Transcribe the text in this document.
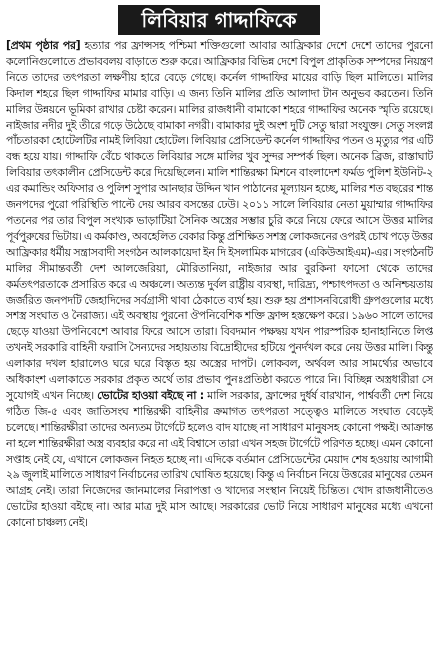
লিবিয়ার গাদ্দাফিকে
[প্রথম পৃষ্ঠার পর] হত্যার পর ফ্রান্সসহ পশ্চিমা শক্তিগুলো আবার আফ্রিকার দেশে দেশে তাদের পুরনো কলোনিগুলোতে প্রভাববলয় বাড়াতে শুরু করে। আফ্রিকার বিভিন্ন দেশে বিপুল প্রাকৃতিক সম্পদের নিয়ন্ত্রণ নিতে তাদের তৎপরতা লক্ষণীয় হারে বেড়ে গেছে। কর্নেল গাদ্দাফির মায়ের বাড়ি ছিল মালিতে। মালির কিদাল শহরে ছিল গাদ্দাফির মামার বাড়ি। এ জন্য তিনি মালির প্রতি আলাদা টান অনুভব করতেন। তিনি মালির উন্নয়নে ভূমিকা রাখার চেষ্টা করেন। মালির রাজধানী বামাকো শহরে গাদ্দাফির অনেক স্মৃতি রয়েছে। নাইজার নদীর দুই তীরে গড়ে উঠেছে বামাকা নগরী। বামাকার দুই অংশ দুটি সেতু দ্বারা সংযুক্ত। সেতু সংলগ্ন পাঁচতারকা হোটেলটির নামই লিবিয়া হোটেল। লিবিয়ার প্রেসিডেন্ট কর্নেল গাদ্দাফির পতন ও মৃত্যুর পর এটি বন্ধ হয়ে যায়। গাদ্দাফি বেঁচে থাকতে লিবিয়ার সঙ্গে মালির খুব সুন্দর সম্পর্ক ছিল। অনেক ব্রিজ, রাস্তাঘাট লিবিয়ার তৎকালীন প্রেসিডেন্ট করে দিয়েছিলেন। মালি শান্তিরক্ষা মিশনে বাংলাদেশ ফর্মড পুলিশ ইউনিট-২ এর কমান্ডিং অফিসার ও পুলিশ সুপার আনছার উদ্দিন খান পাঠানের মূল্যায়ন হচ্ছে, মালির শত বছরের শান্ত জনপদের পুরো পরিস্থিতি পাল্টে দেয় আরব বসন্তের ঢেউ। ২০১১ সালে লিবিয়ার নেতা মুয়াম্মার গাদ্দাফির পতনের পর তার বিপুল সংখ্যক ভাড়াটিয়া সৈনিক অস্ত্রের সম্ভার চুরি করে নিয়ে ফেরে আসে উত্তর মালির পূর্বপুরুষের ভিটায়। এ কর্মকাণ্ড, অবহেলিত বেকার কিন্তু প্রশিক্ষিত সশস্ত্র লোকজনের ওপরই চোখ পড়ে উত্তর আফ্রিকার ধর্মীয় সন্ত্রাসবাদী সংগঠন আলকায়েদা ইন দি ইসলামিক মাগরেব (একিউআইএম)-এর। সংগঠনটি মালির সীমান্তবর্তী দেশ আলজেরিয়া, মৌরিতানিয়া, নাইজার আর বুরকিনা ফাসো থেকে তাদের কর্মতৎপরতাকে প্রসারিত করে এ অঞ্চলে। অত্যন্ত দুর্বল রাষ্ট্রীয় ব্যবস্থা, দারিদ্র্য, পশ্চাৎপদতা ও অনিশ্চয়তায় জর্জরিত জনপদটি জেহাদিদের সর্বগ্রাসী থাবা ঠেকাতে ব্যর্থ হয়। শুরু হয় প্রশাসনবিরোধী গ্রুপগুলোর মধ্যে সশস্ত্র সংঘাত ও নৈরাজ্য। এই অবস্থায় পুরনো ঔপনিবেশিক শক্তি ফ্রান্স হস্তক্ষেপ করে। ১৯৬০ সালে তাদের ছেড়ে যাওয়া উপনিবেশে আবার ফিরে আসে তারা। বিবদমান পক্ষদ্বয় যখন পারস্পরিক হানাহানিতে লিপ্ত তখনই সরকারি বাহিনী ফরাসি সৈন্যদের সহায়তায় বিদ্রোহীদের হটিয়ে পুনর্দখল করে নেয় উত্তর মালি। কিন্তু এলাকার দখল হারালেও ঘরে ঘরে বিস্তৃত হয় অস্ত্রের দাপট। লোকবল, অর্থবল আর সামর্থ্যের অভাবে অধিকাংশ এলাকাতে সরকার প্রকৃত অর্থে তার প্রভাব পুনঃপ্রতিষ্ঠা করতে পারে নি। বিচ্ছিন্ন অস্ত্রধারীরা সে সুযোগই এখন নিচ্ছে। ভোটের হাওয়া বইছে না : মালি সরকার, ফ্রান্সের দুর্ধর্ষ বারখান, পার্শ্ববর্তী দেশ নিয়ে গঠিত জি-৫ এবং জাতিসংঘ শান্তিরক্ষী বাহিনীর ক্রমাগত তৎপরতা সত্ত্বেও মালিতে সংঘাত বেড়েই চলেছে। শান্তিরক্ষীরা তাদের অন্যতম টার্গেটে হলেও বাদ যাচ্ছে না সাধারণ মানুষসহ কোনো পক্ষই। আক্রান্ত না হলে শান্তিরক্ষীরা অস্ত্র ব্যবহার করে না এই বিশ্বাসে তারা এখন সহজ টার্গেটে পরিণত হচ্ছে। এমন কোনো সপ্তাহ নেই যে, এখানে লোকজন নিহত হচ্ছে না। এদিকে বর্তমান প্রেসিডেন্টের মেয়াদ শেষ হওয়ায় আগামী ২৯ জুলাই মালিতে সাধারণ নির্বাচনের তারিখ ঘোষিত হয়েছে। কিন্তু এ নির্বাচন নিয়ে উত্তরের মানুষের তেমন আগ্রহ নেই। তারা নিজেদের জানমালের নিরাপত্তা ও খাদ্যের সংস্থান নিয়েই চিন্তিত। খোদ রাজধানীতেও ভোটের হাওয়া বইছে না। আর মাত্র দুই মাস আছে। সরকারের ভোট নিয়ে সাধারণ মানুষের মধ্যে এখনো কোনো চাঞ্চল্য নেই।
